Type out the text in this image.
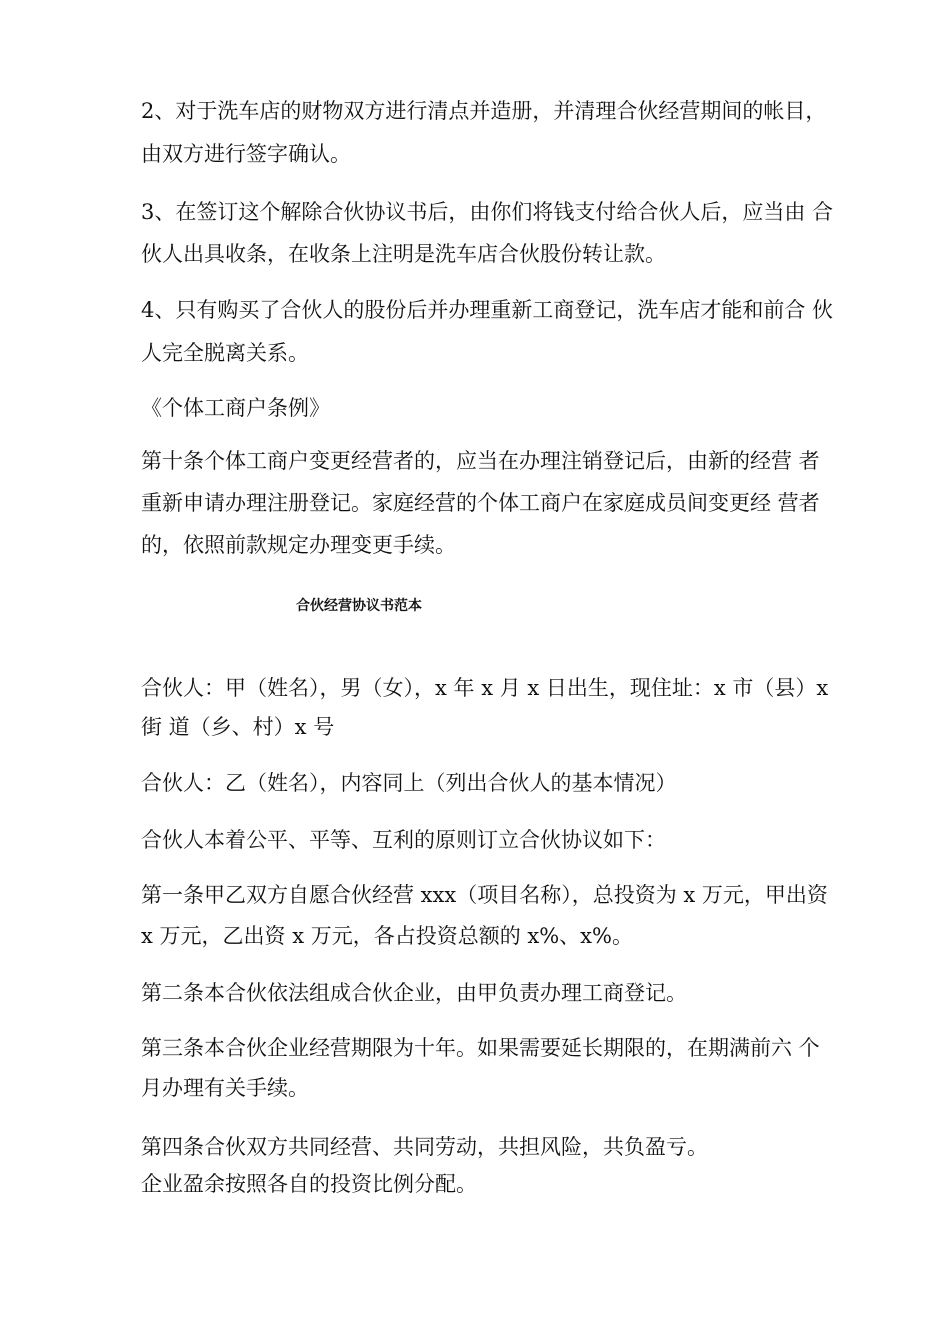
2、对于洗车店的财物双方进行清点并造册，并清理合伙经营期间的帐目，
由双方进行签字确认。
3、在签订这个解除合伙协议书后，由你们将钱支付给合伙人后，应当由 合
伙人出具收条，在收条上注明是洗车店合伙股份转让款。
4、只有购买了合伙人的股份后并办理重新工商登记，洗车店才能和前合 伙
人完全脱离关系。
《个体工商户条例》
第十条个体工商户变更经营者的，应当在办理注销登记后，由新的经营 者
重新申请办理注册登记。家庭经营的个体工商户在家庭成员间变更经 营者
的，依照前款规定办理变更手续。
合伙经营协议书范本
合伙人：甲（姓名），男（女），x 年 x 月 x 日出生，现住址：x 市（县）x
街 道（乡、村）x 号
合伙人：乙（姓名），内容同上（列出合伙人的基本情况）
合伙人本着公平、平等、互利的原则订立合伙协议如下：
第一条甲乙双方自愿合伙经营 xxx（项目名称），总投资为 x 万元，甲出资
x 万元，乙出资 x 万元，各占投资总额的 x%、x%。
第二条本合伙依法组成合伙企业，由甲负责办理工商登记。
第三条本合伙企业经营期限为十年。如果需要延长期限的，在期满前六 个
月办理有关手续。
第四条合伙双方共同经营、共同劳动，共担风险，共负盈亏。
企业盈余按照各自的投资比例分配。
